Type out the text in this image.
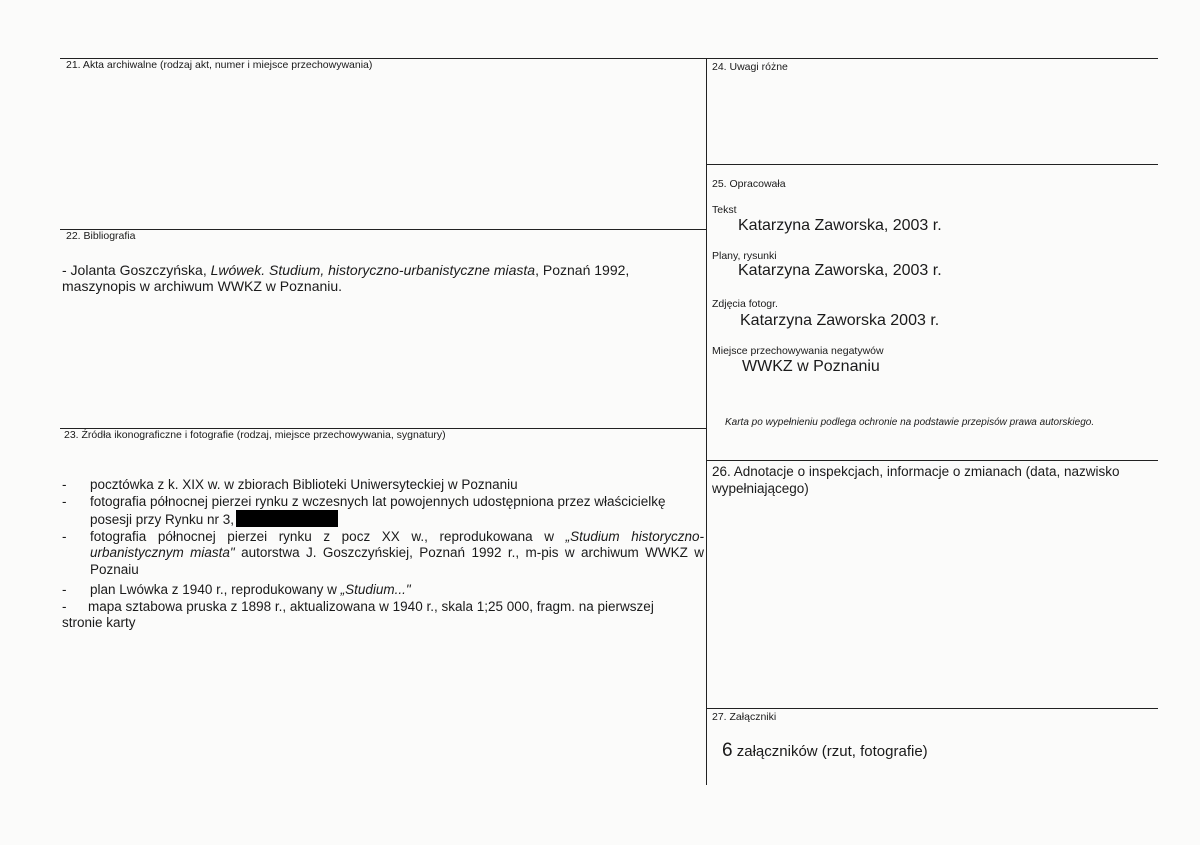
21. Akta archiwalne (rodzaj akt, numer i miejsce przechowywania)
22. Bibliografia
- Jolanta Goszczyńska, Lwówek. Studium, historyczno-urbanistyczne miasta, Poznań 1992,
maszynopis w archiwum WWKZ w Poznaniu.
23. Źródła ikonograficzne i fotografie (rodzaj, miejsce przechowywania, sygnatury)
- pocztówka z k. XIX w. w zbiorach Biblioteki Uniwersyteckiej w Poznaniu
- fotografia północnej pierzei rynku z wczesnych lat powojennych udostępniona przez właścicielkę
posesji przy Rynku nr 3,
- fotografia północnej pierzei rynku z pocz XX w., reprodukowana w „Studium historyczno-urbanistycznym miasta" autorstwa J. Goszczyńskiej, Poznań 1992 r., m-pis w archiwum WWKZ w Poznaiu
- plan Lwówka z 1940 r., reprodukowany w „Studium..."
- mapa sztabowa pruska z 1898 r., aktualizowana w 1940 r., skala 1;25 000, fragm. na pierwszej
stronie karty
24. Uwagi różne
25. Opracowała
Tekst
Katarzyna Zaworska, 2003 r.
Plany, rysunki
Katarzyna Zaworska, 2003 r.
Zdjęcia fotogr.
Katarzyna Zaworska 2003 r.
Miejsce przechowywania negatywów
WWKZ w Poznaniu
Karta po wypełnieniu podlega ochronie na podstawie przepisów prawa autorskiego.
26. Adnotacje o inspekcjach, informacje o zmianach (data, nazwisko
wypełniającego)
27. Załączniki
6 załączników (rzut, fotografie)
